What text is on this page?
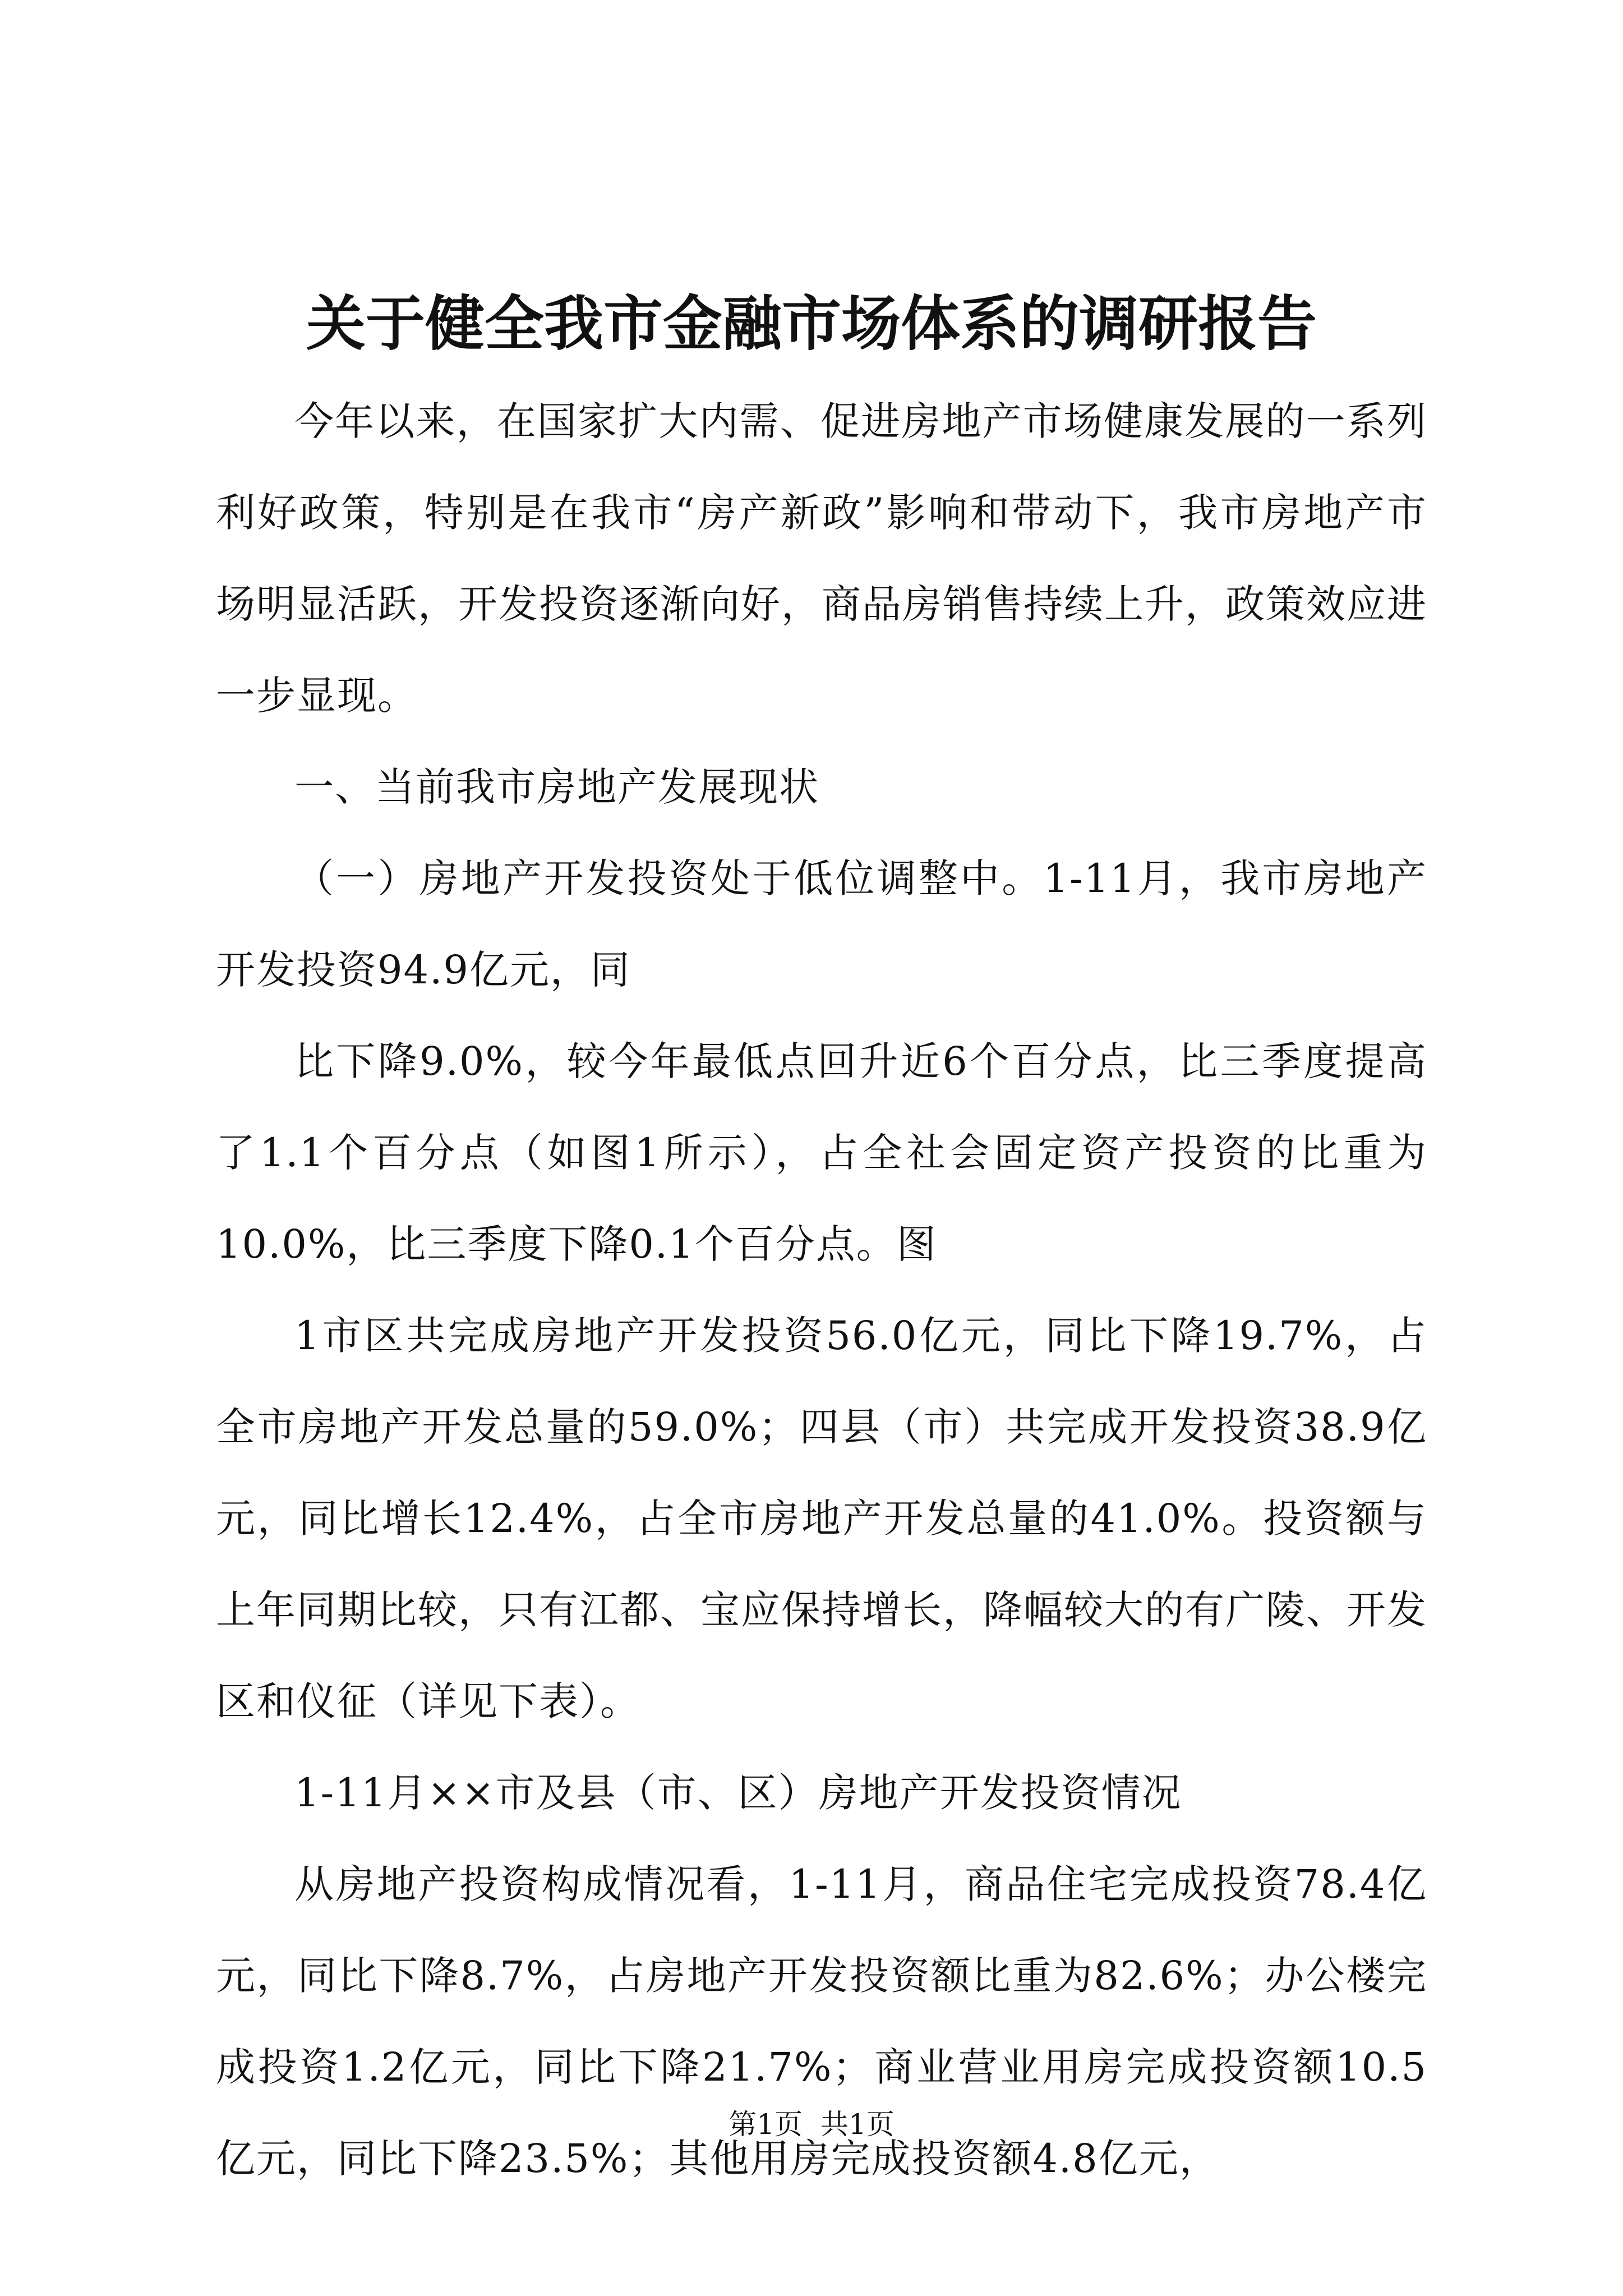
关于健全我市金融市场体系的调研报告

今年以来，在国家扩大内需、促进房地产市场健康发展的一系列利好政策，特别是在我市“房产新政”影响和带动下，我市房地产市场明显活跃，开发投资逐渐向好，商品房销售持续上升，政策效应进一步显现。

一、当前我市房地产发展现状

（一）房地产开发投资处于低位调整中。1-11月，我市房地产开发投资94.9亿元，同

比下降9.0%，较今年最低点回升近6个百分点，比三季度提高了1.1个百分点（如图1所示），占全社会固定资产投资的比重为10.0%，比三季度下降0.1个百分点。图

1市区共完成房地产开发投资56.0亿元，同比下降19.7%，占全市房地产开发总量的59.0%；四县（市）共完成开发投资38.9亿元，同比增长12.4%，占全市房地产开发总量的41.0%。投资额与上年同期比较，只有江都、宝应保持增长，降幅较大的有广陵、开发区和仪征（详见下表）。

1-11月××市及县（市、区）房地产开发投资情况

从房地产投资构成情况看，1-11月，商品住宅完成投资78.4亿元，同比下降8.7%，占房地产开发投资额比重为82.6%；办公楼完成投资1.2亿元，同比下降21.7%；商业营业用房完成投资额10.5亿元，同比下降23.5%；其他用房完成投资额4.8亿元，

第1页 共1页
